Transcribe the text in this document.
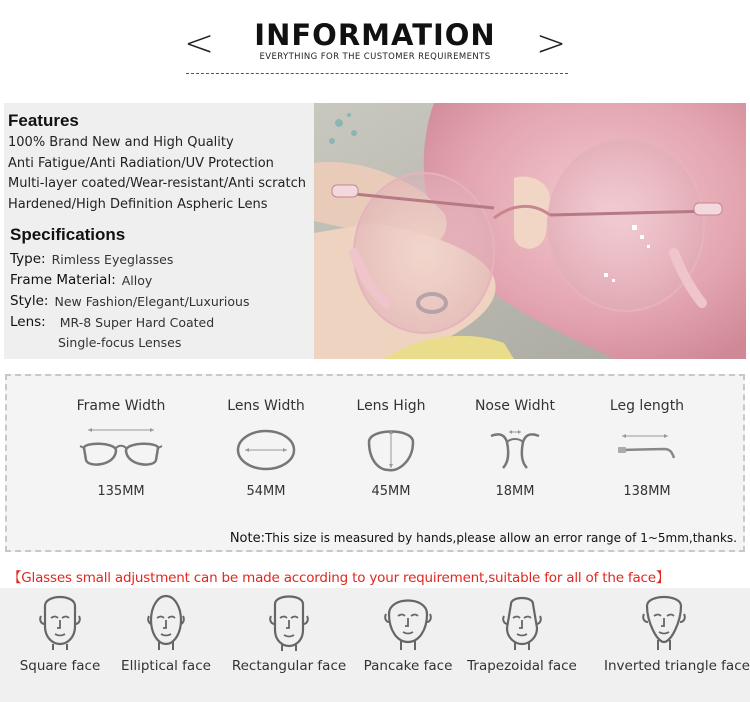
<	INFORMATION	>
EVERYTHING FOR THE CUSTOMER REQUIREMENTS
Features
100% Brand New and High Quality
Anti Fatigue/Anti Radiation/UV Protection
Multi-layer coated/Wear-resistant/Anti scratch
Hardened/High Definition Aspheric Lens
Specifications
Type: Rimless Eyeglasses
Frame Material: Alloy
Style: New Fashion/Elegant/Luxurious
Lens: MR-8 Super Hard Coated
Single-focus Lenses
Frame Width
135MM
Lens Width
54MM
Lens High
45MM
Nose Widht
18MM
Leg length
138MM
Note:This size is measured by hands,please allow an error range of 1~5mm,thanks.
【Glasses small adjustment can be made according to your requirement,suitable for all of the face】
Square face	Elliptical face	Rectangular face	Pancake face	Trapezoidal face	Inverted triangle face
